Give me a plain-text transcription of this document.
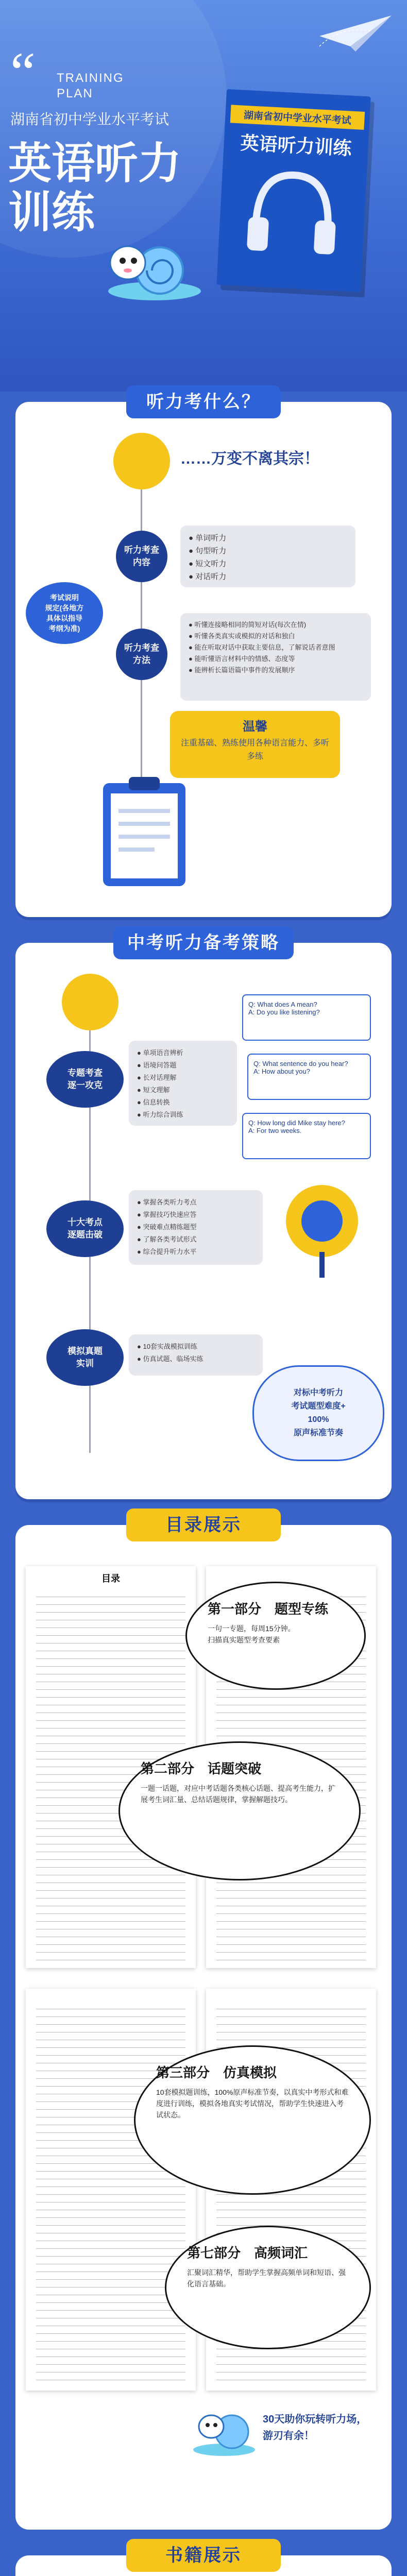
“ TRAINING
PLAN
湖南省初中学业水平考试
英语听力
训练
湖南省初中学业水平考试
英语听力训练
听力考什么？
……万变不离其宗！
考试说明
规定(各地方
具体以指导
考纲为准)
听力考查
内容
● 单词听力
● 句型听力
● 短文听力
● 对话听力
听力考查
方法
● 听懂连接略相同的简短对话(每次在情)
● 听懂各类真实或模拟的对话和独白
● 能在听取对话中获取主要信息，了解说话者意图
● 能听懂语言材料中的情感、态度等
● 能辨析长篇语篇中事件的发展顺序
温馨
注重基础、熟练使用各种语言能力、多听多练
中考听力备考策略
专题考查
逐一攻克
● 单项语音辨析
● 语境问答题
● 长对话理解
● 短文理解
● 信息转换
● 听力综合训练
Q: What does A mean?
A: Do you like listening?
Q: What sentence do you hear?
A: How about you?
Q: How long did Mike stay here?
A: For two weeks.
十大考点
逐题击破
● 掌握各类听力考点
● 掌握技巧快速应答
● 突破难点精练题型
● 了解各类考试形式
● 综合提升听力水平
模拟真题
实训
● 10套实战模拟训练
● 仿真试题、临场实练
对标中考听力
考试题型难度+
100%
原声标准节奏
目录展示
目录
第一部分　题型专练

一句一专题，每周15分钟。
扫描真实题型考查要素

第二部分　话题突破

一题一话题，对应中考话题各类核心话题、提高考生能力，扩展考生词汇量、总结话题规律，掌握解题技巧。

第三部分　仿真模拟

10套模拟题训练，100%原声标准节奏，以真实中考形式和难度进行训练，模拟各地真实考试情况，帮助学生快速进入考试状态。

第七部分　高频词汇

汇聚词汇精华，帮助学生掌握高频单词和短语、强化语言基础。

30天助你玩转听力场，
游刃有余！
书籍展示
